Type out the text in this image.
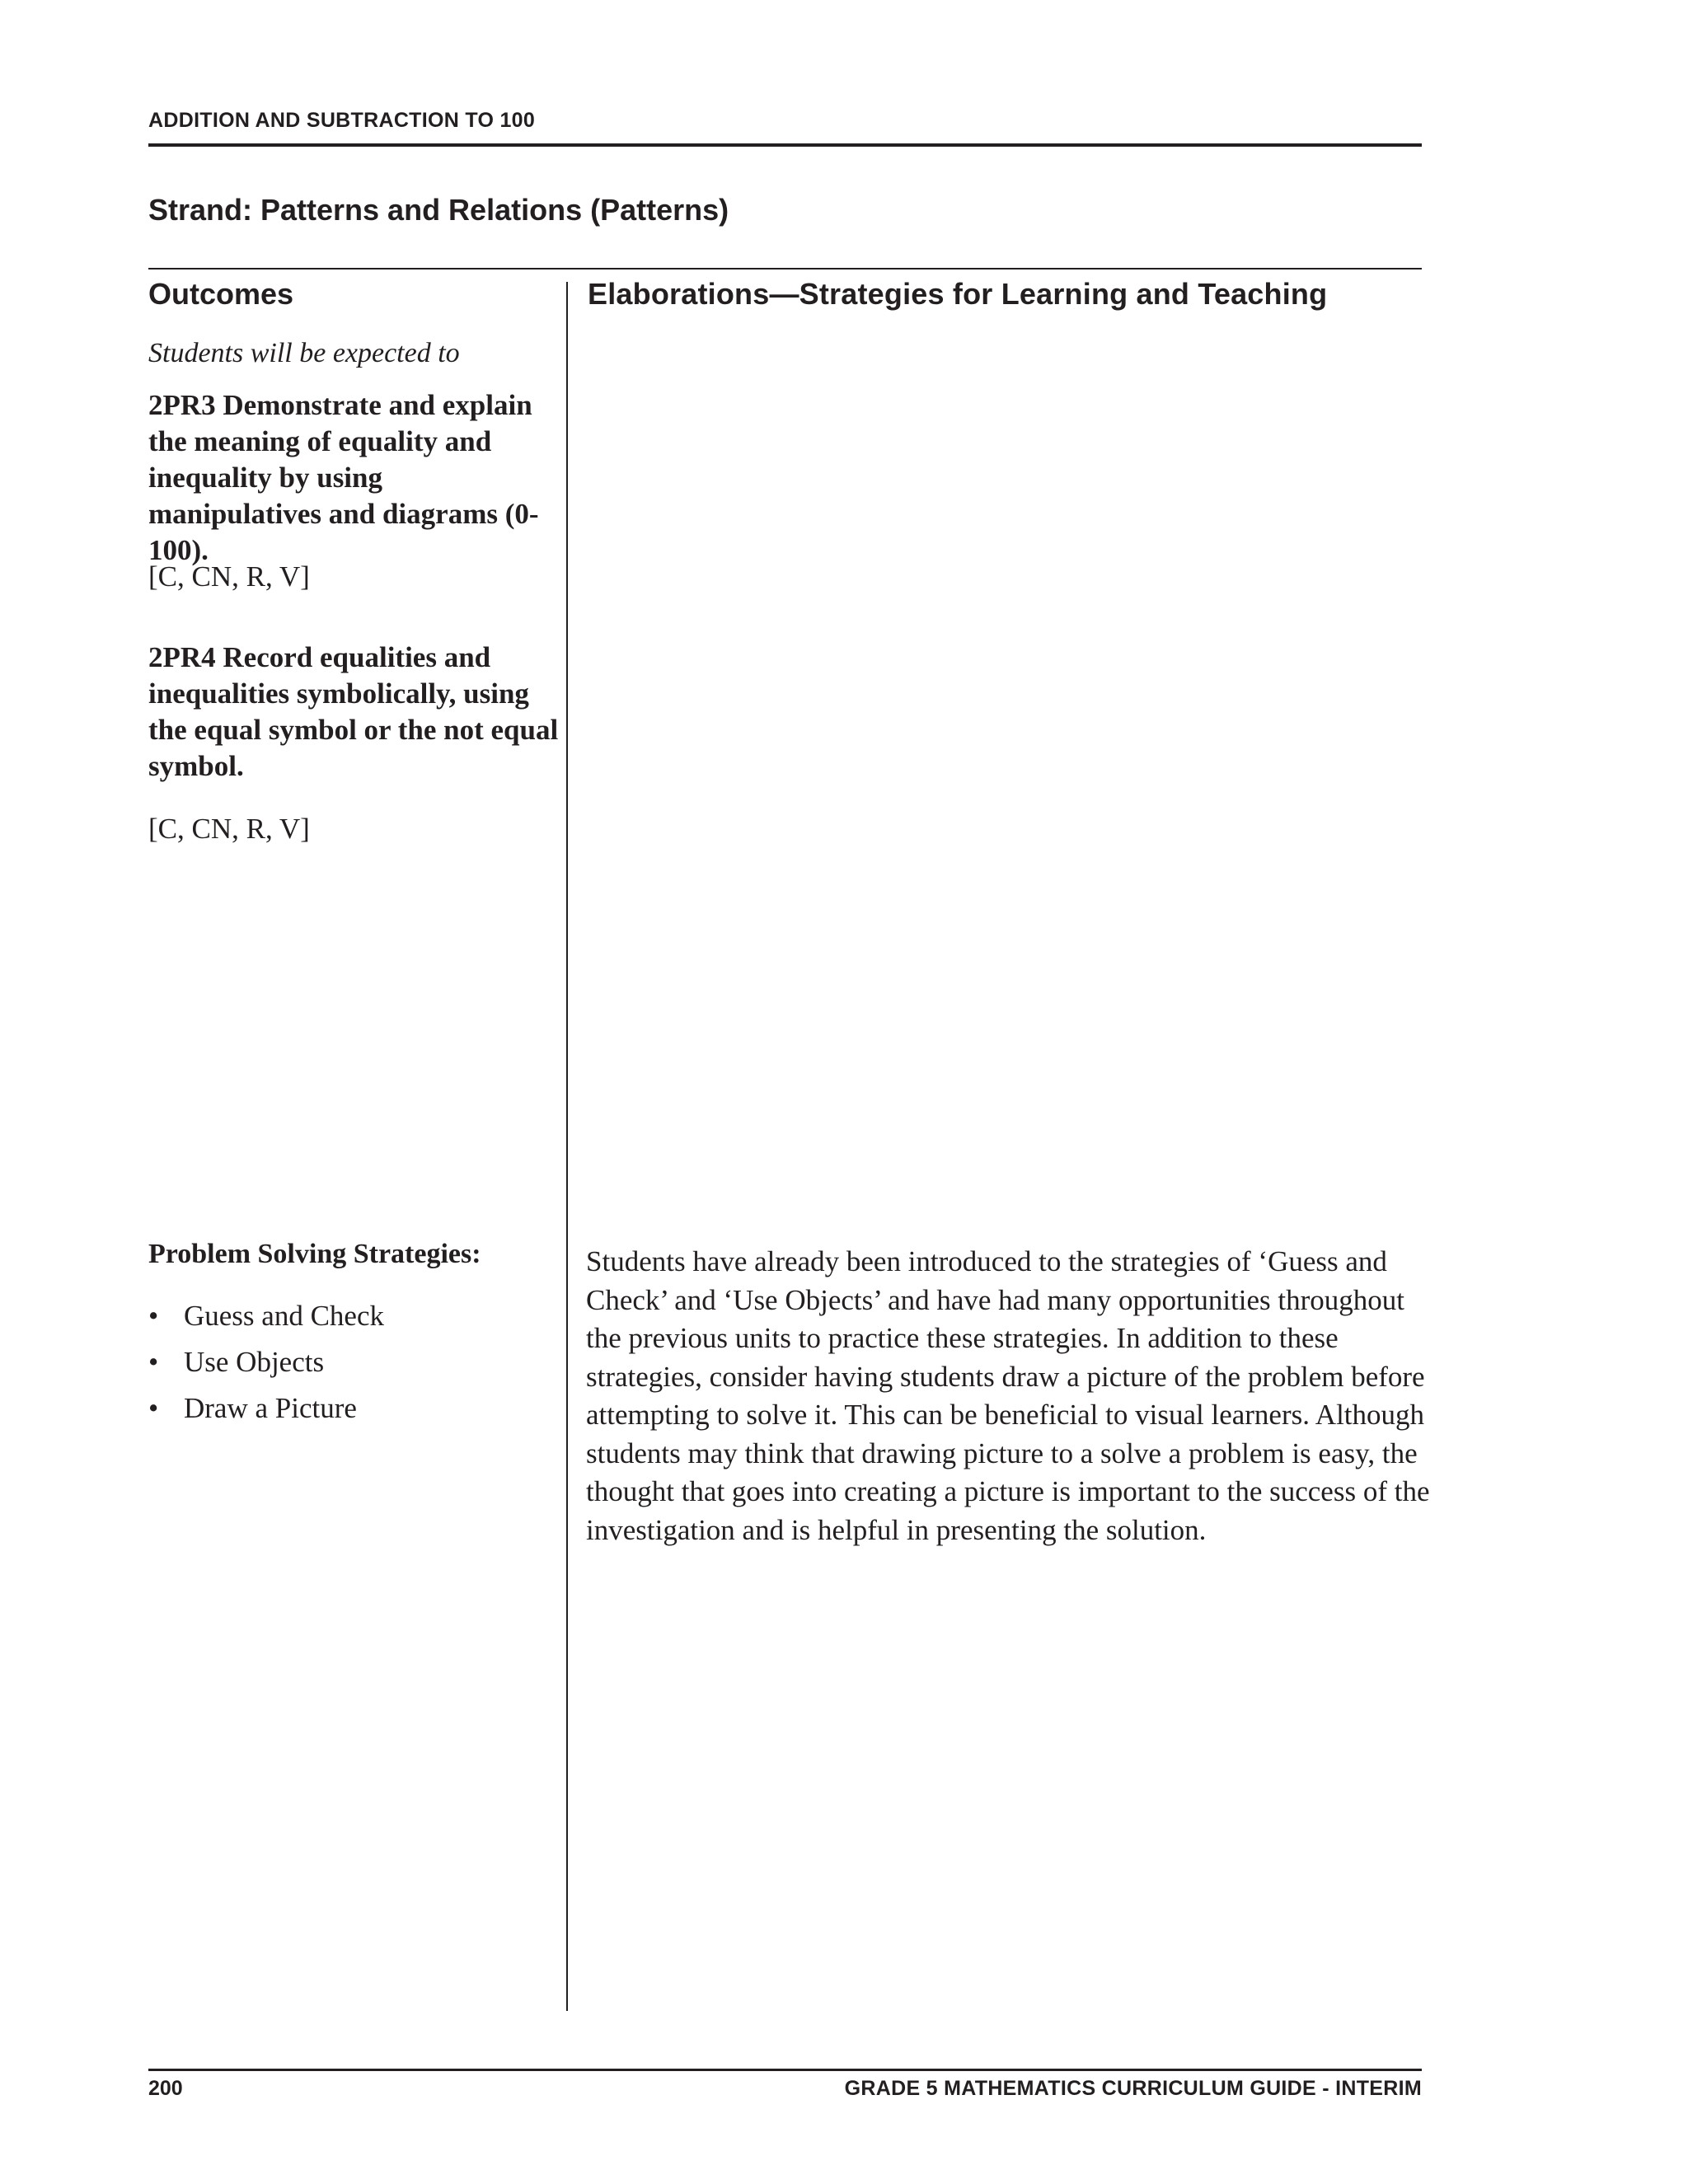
ADDITION AND SUBTRACTION TO 100
Strand: Patterns and Relations (Patterns)
Outcomes	Elaborations—Strategies for Learning and Teaching
Students will be expected to
2PR3 Demonstrate and explain the meaning of equality and inequality by using manipulatives and diagrams (0-100).
[C, CN, R, V]
2PR4 Record equalities and inequalities symbolically, using the equal symbol or the not equal symbol.
[C, CN, R, V]
Problem Solving Strategies:
• Guess and Check
• Use Objects
• Draw a Picture
Students have already been introduced to the strategies of ‘Guess and Check’ and ‘Use Objects’ and have had many opportunities throughout the previous units to practice these strategies. In addition to these strategies, consider having students draw a picture of the problem before attempting to solve it. This can be beneficial to visual learners. Although students may think that drawing picture to a solve a problem is easy, the thought that goes into creating a picture is important to the success of the investigation and is helpful in presenting the solution.
200	GRADE 5 MATHEMATICS CURRICULUM GUIDE - INTERIM
